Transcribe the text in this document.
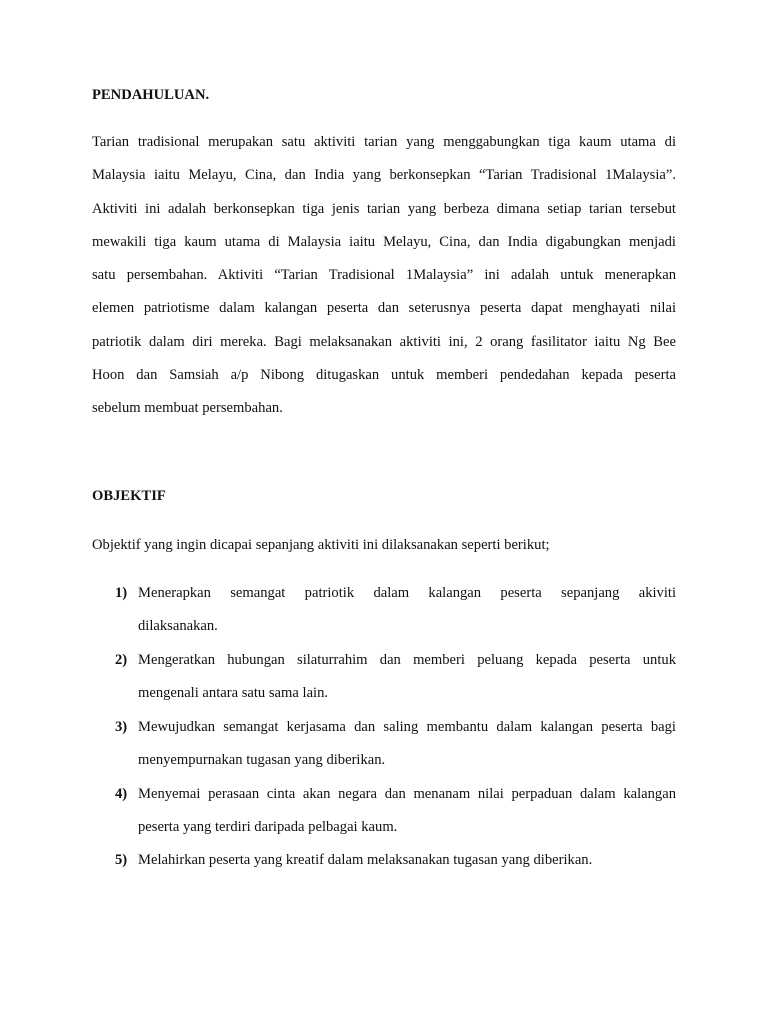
PENDAHULUAN.
Tarian tradisional merupakan satu aktiviti tarian yang menggabungkan tiga kaum utama di
Malaysia iaitu Melayu, Cina, dan India yang berkonsepkan “Tarian Tradisional 1Malaysia”.
Aktiviti ini adalah berkonsepkan tiga jenis tarian yang berbeza dimana setiap tarian tersebut
mewakili tiga kaum utama di Malaysia iaitu Melayu, Cina, dan India digabungkan menjadi
satu persembahan. Aktiviti “Tarian Tradisional 1Malaysia” ini adalah untuk menerapkan
elemen patriotisme dalam kalangan peserta dan seterusnya peserta dapat menghayati nilai
patriotik dalam diri mereka. Bagi melaksanakan aktiviti ini, 2 orang fasilitator iaitu Ng Bee
Hoon dan Samsiah a/p Nibong ditugaskan untuk memberi pendedahan kepada peserta
sebelum membuat persembahan.
OBJEKTIF
Objektif yang ingin dicapai sepanjang aktiviti ini dilaksanakan seperti berikut;
1) Menerapkan semangat patriotik dalam kalangan peserta sepanjang akiviti
dilaksanakan.
2) Mengeratkan hubungan silaturrahim dan memberi peluang kepada peserta untuk
mengenali antara satu sama lain.
3) Mewujudkan semangat kerjasama dan saling membantu dalam kalangan peserta bagi
menyempurnakan tugasan yang diberikan.
4) Menyemai perasaan cinta akan negara dan menanam nilai perpaduan dalam kalangan
peserta yang terdiri daripada pelbagai kaum.
5) Melahirkan peserta yang kreatif dalam melaksanakan tugasan yang diberikan.
